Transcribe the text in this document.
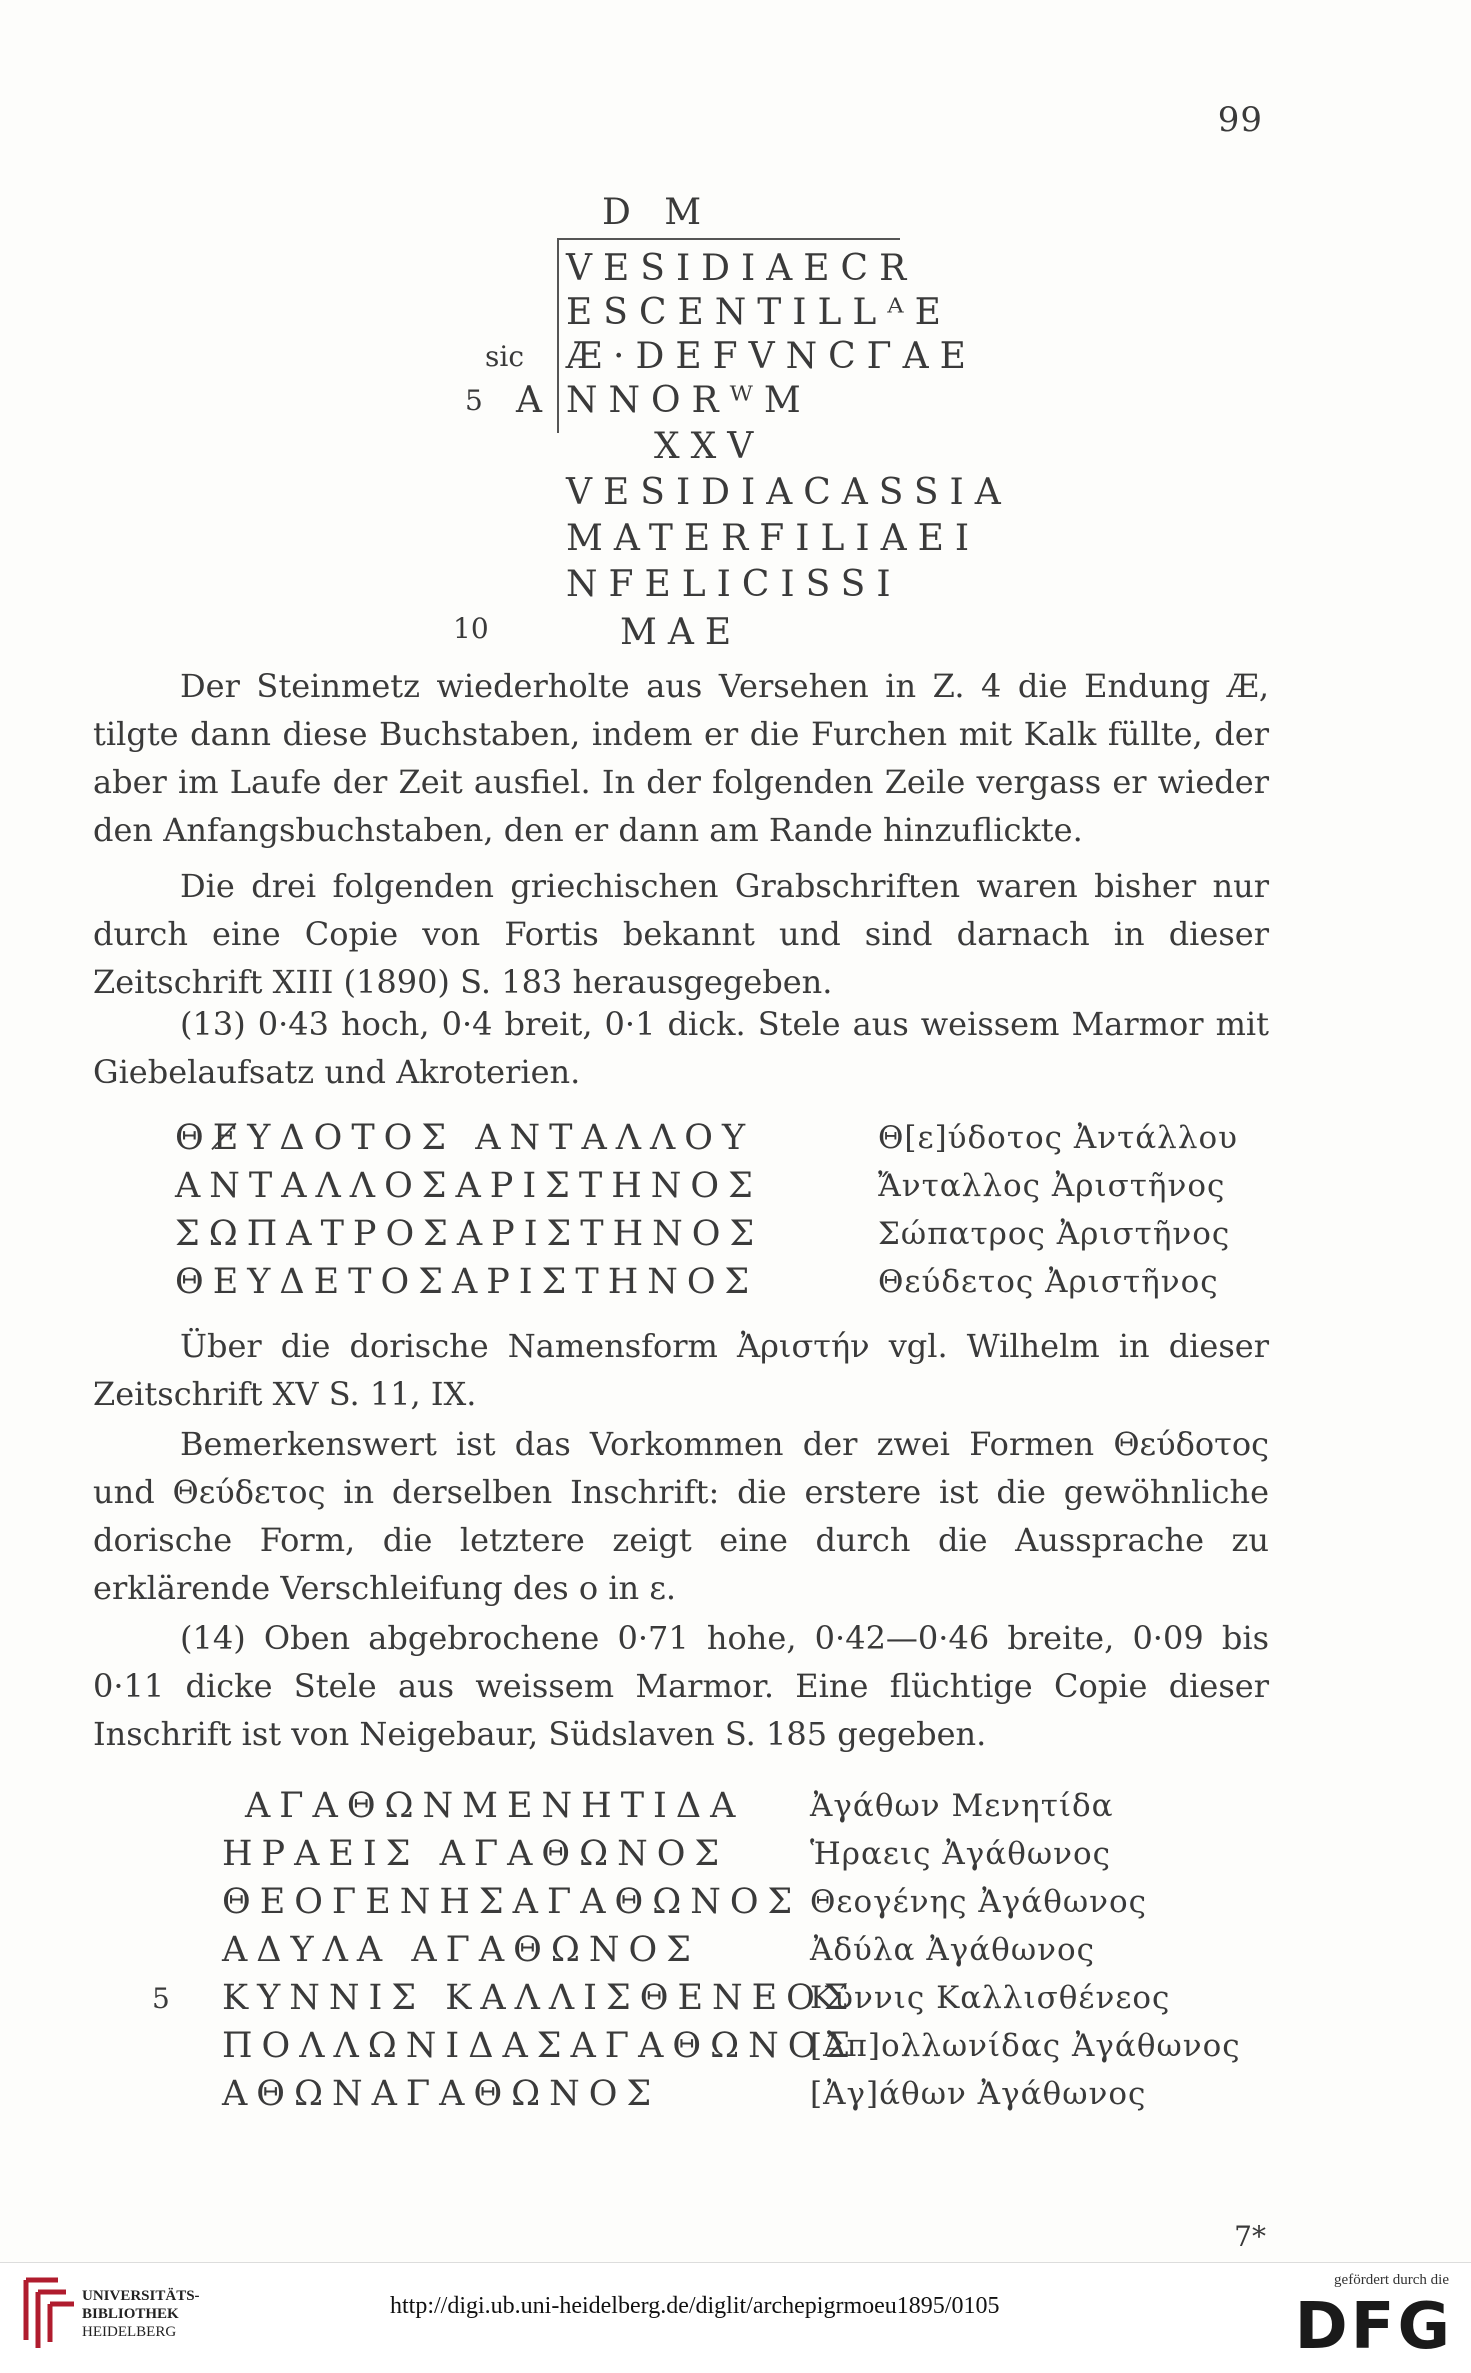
99
D M
VESIDIAECR
ESCENTILLᴬE
sic Æ·DEFVNCΓAE
5 A NNORᵂM
XXV
VESIDIACASSIA
MATERFILIAEI
NFELICISSI
10	MAE

Der Steinmetz wiederholte aus Versehen in Z. 4 die Endung Æ, tilgte dann diese Buchstaben, indem er die Furchen mit Kalk füllte, der aber im Laufe der Zeit ausfiel. In der folgenden Zeile vergass er wieder den Anfangsbuchstaben, den er dann am Rande hinzuflickte.

Die drei folgenden griechischen Grabschriften waren bisher nur durch eine Copie von Fortis bekannt und sind darnach in dieser Zeitschrift XIII (1890) S. 183 herausgegeben.

(13) 0·43 hoch, 0·4 breit, 0·1 dick. Stele aus weissem Marmor mit Giebelaufsatz und Akroterien.

ΘΕ̸ΥΔΟΤΟΣ ΑΝΤΑΛΛΟΥ
ΑΝΤΑΛΛΟΣΑΡΙΣΤΗΝΟΣ
ΣΩΠΑΤΡΟΣΑΡΙΣΤΗΝΟΣ
ΘΕΥΔΕΤΟΣΑΡΙΣΤΗΝΟΣ
Θ[ε]ύδοτος Ἀντάλλου
Ἄνταλλος Ἀριστῆνος
Σώπατρος Ἀριστῆνος
Θεύδετος Ἀριστῆνος

Über die dorische Namensform Ἀριστήν vgl. Wilhelm in dieser Zeitschrift XV S. 11, IX.

Bemerkenswert ist das Vorkommen der zwei Formen Θεύδοτος und Θεύδετος in derselben Inschrift: die erstere ist die gewöhnliche dorische Form, die letztere zeigt eine durch die Aussprache zu erklärende Verschleifung des ο in ε.

(14) Oben abgebrochene 0·71 hohe, 0·42—0·46 breite, 0·09 bis 0·11 dicke Stele aus weissem Marmor. Eine flüchtige Copie dieser Inschrift ist von Neigebaur, Südslaven S. 185 gegeben.

ΑΓΑΘΩΝΜΕΝΗΤΙΔΑ
ΗΡΑΕΙΣ ΑΓΑΘΩΝΟΣ
ΘΕΟΓΕΝΗΣΑΓΑΘΩΝΟΣ
ΑΔΥΛΑ ΑΓΑΘΩΝΟΣ
5 ΚΥΝΝΙΣ ΚΑΛΛΙΣΘΕΝΕΟΣ
ΠΟΛΛΩΝΙΔΑΣΑΓΑΘΩΝΟΣ
ΑΘΩΝΑΓΑΘΩΝΟΣ
Ἀγάθων Μενητίδα
Ἡραεις Ἀγάθωνος
Θεογένης Ἀγάθωνος
Ἀδύλα Ἀγάθωνος
Κύννις Καλλισθένεος
[Ἀπ]ολλωνίδας Ἀγάθωνος
[Ἀγ]άθων Ἀγάθωνος
7*
UNIVERSITÄTS-
BIBLIOTHEK
HEIDELBERG
http://digi.ub.uni-heidelberg.de/diglit/archepigrmoeu1895/0105
gefördert durch die
DFG
